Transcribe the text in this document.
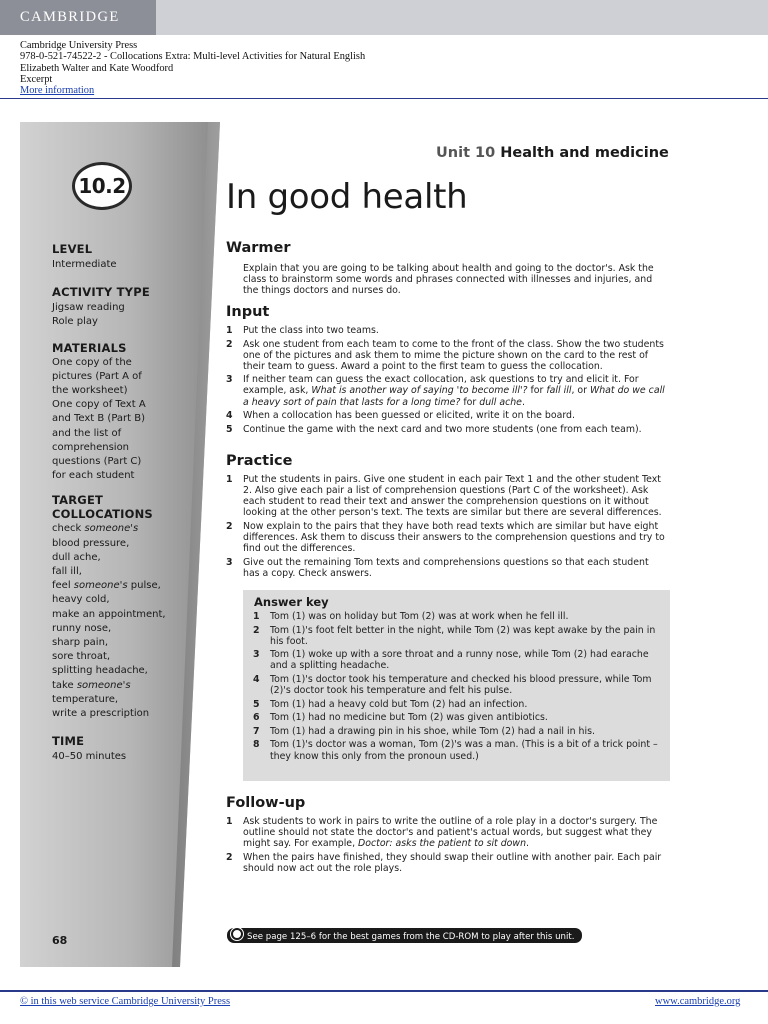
CAMBRIDGE
Cambridge University Press
978-0-521-74522-2 - Collocations Extra: Multi-level Activities for Natural English
Elizabeth Walter and Kate Woodford
Excerpt
More information
10.2
LEVEL
Intermediate
ACTIVITY TYPE
Jigsaw reading
Role play
MATERIALS
One copy of the
pictures (Part A of
the worksheet)
One copy of Text A
and Text B (Part B)
and the list of
comprehension
questions (Part C)
for each student
TARGET
COLLOCATIONS
check someone's
blood pressure,
dull ache,
fall ill,
feel someone's pulse,
heavy cold,
make an appointment,
runny nose,
sharp pain,
sore throat,
splitting headache,
take someone's
temperature,
write a prescription
TIME
40–50 minutes
68
Unit 10 Health and medicine
In good health
Warmer
Explain that you are going to be talking about health and going to the doctor's. Ask the class to brainstorm some words and phrases connected with illnesses and injuries, and the things doctors and nurses do.
Input
1 Put the class into two teams.
2 Ask one student from each team to come to the front of the class. Show the two students one of the pictures and ask them to mime the picture shown on the card to the rest of their team to guess. Award a point to the first team to guess the collocation.
3 If neither team can guess the exact collocation, ask questions to try and elicit it. For example, ask, What is another way of saying 'to become ill'? for fall ill, or What do we call a heavy sort of pain that lasts for a long time? for dull ache.
4 When a collocation has been guessed or elicited, write it on the board.
5 Continue the game with the next card and two more students (one from each team).
Practice
1 Put the students in pairs. Give one student in each pair Text 1 and the other student Text 2. Also give each pair a list of comprehension questions (Part C of the worksheet). Ask each student to read their text and answer the comprehension questions on it without looking at the other person's text. The texts are similar but there are several differences.
2 Now explain to the pairs that they have both read texts which are similar but have eight differences. Ask them to discuss their answers to the comprehension questions and try to find out the differences.
3 Give out the remaining Tom texts and comprehensions questions so that each student has a copy. Check answers.
Answer key
1 Tom (1) was on holiday but Tom (2) was at work when he fell ill.
2 Tom (1)'s foot felt better in the night, while Tom (2) was kept awake by the pain in his foot.
3 Tom (1) woke up with a sore throat and a runny nose, while Tom (2) had earache and a splitting headache.
4 Tom (1)'s doctor took his temperature and checked his blood pressure, while Tom (2)'s doctor took his temperature and felt his pulse.
5 Tom (1) had a heavy cold but Tom (2) had an infection.
6 Tom (1) had no medicine but Tom (2) was given antibiotics.
7 Tom (1) had a drawing pin in his shoe, while Tom (2) had a nail in his.
8 Tom (1)'s doctor was a woman, Tom (2)'s was a man. (This is a bit of a trick point – they know this only from the pronoun used.)
Follow-up
1 Ask students to work in pairs to write the outline of a role play in a doctor's surgery. The outline should not state the doctor's and patient's actual words, but suggest what they might say. For example, Doctor: asks the patient to sit down.
2 When the pairs have finished, they should swap their outline with another pair. Each pair should now act out the role plays.
See page 125–6 for the best games from the CD-ROM to play after this unit.
© in this web service Cambridge University Press	www.cambridge.org
